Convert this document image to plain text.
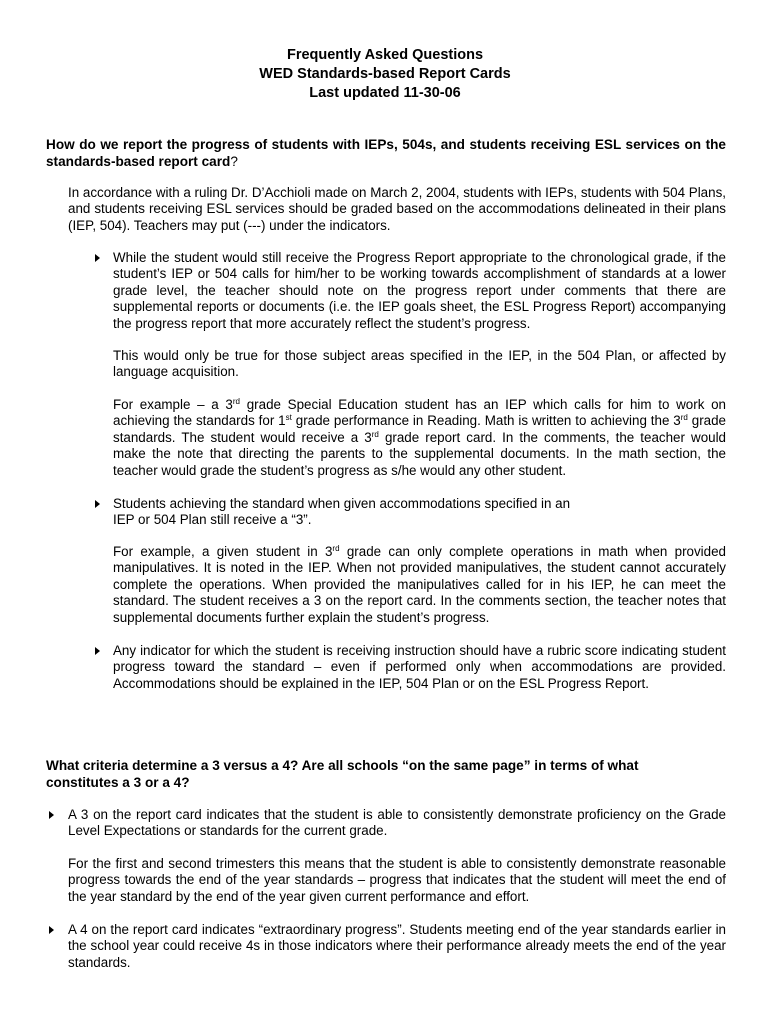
Frequently Asked Questions
WED Standards-based Report Cards
Last updated 11-30-06

How do we report the progress of students with IEPs, 504s, and students receiving ESL services on the standards-based report card?

In accordance with a ruling Dr. D’Acchioli made on March 2, 2004, students with IEPs, students with 504 Plans, and students receiving ESL services should be graded based on the accommodations delineated in their plans (IEP, 504). Teachers may put (---) under the indicators.

While the student would still receive the Progress Report appropriate to the chronological grade, if the student’s IEP or 504 calls for him/her to be working towards accomplishment of standards at a lower grade level, the teacher should note on the progress report under comments that there are supplemental reports or documents (i.e. the IEP goals sheet, the ESL Progress Report) accompanying the progress report that more accurately reflect the student’s progress.

This would only be true for those subject areas specified in the IEP, in the 504 Plan, or affected by language acquisition.

For example – a 3rd grade Special Education student has an IEP which calls for him to work on achieving the standards for 1st grade performance in Reading. Math is written to achieving the 3rd grade standards. The student would receive a 3rd grade report card. In the comments, the teacher would make the note that directing the parents to the supplemental documents. In the math section, the teacher would grade the student’s progress as s/he would any other student.

Students achieving the standard when given accommodations specified in an
IEP or 504 Plan still receive a “3”.

For example, a given student in 3rd grade can only complete operations in math when provided manipulatives. It is noted in the IEP. When not provided manipulatives, the student cannot accurately complete the operations. When provided the manipulatives called for in his IEP, he can meet the standard. The student receives a 3 on the report card. In the comments section, the teacher notes that supplemental documents further explain the student’s progress.

Any indicator for which the student is receiving instruction should have a rubric score indicating student progress toward the standard – even if performed only when accommodations are provided. Accommodations should be explained in the IEP, 504 Plan or on the ESL Progress Report.

What criteria determine a 3 versus a 4? Are all schools “on the same page” in terms of what constitutes a 3 or a 4?

A 3 on the report card indicates that the student is able to consistently demonstrate proficiency on the Grade Level Expectations or standards for the current grade.

For the first and second trimesters this means that the student is able to consistently demonstrate reasonable progress towards the end of the year standards – progress that indicates that the student will meet the end of the year standard by the end of the year given current performance and effort.

A 4 on the report card indicates “extraordinary progress”. Students meeting end of the year standards earlier in the school year could receive 4s in those indicators where their performance already meets the end of the year standards.
